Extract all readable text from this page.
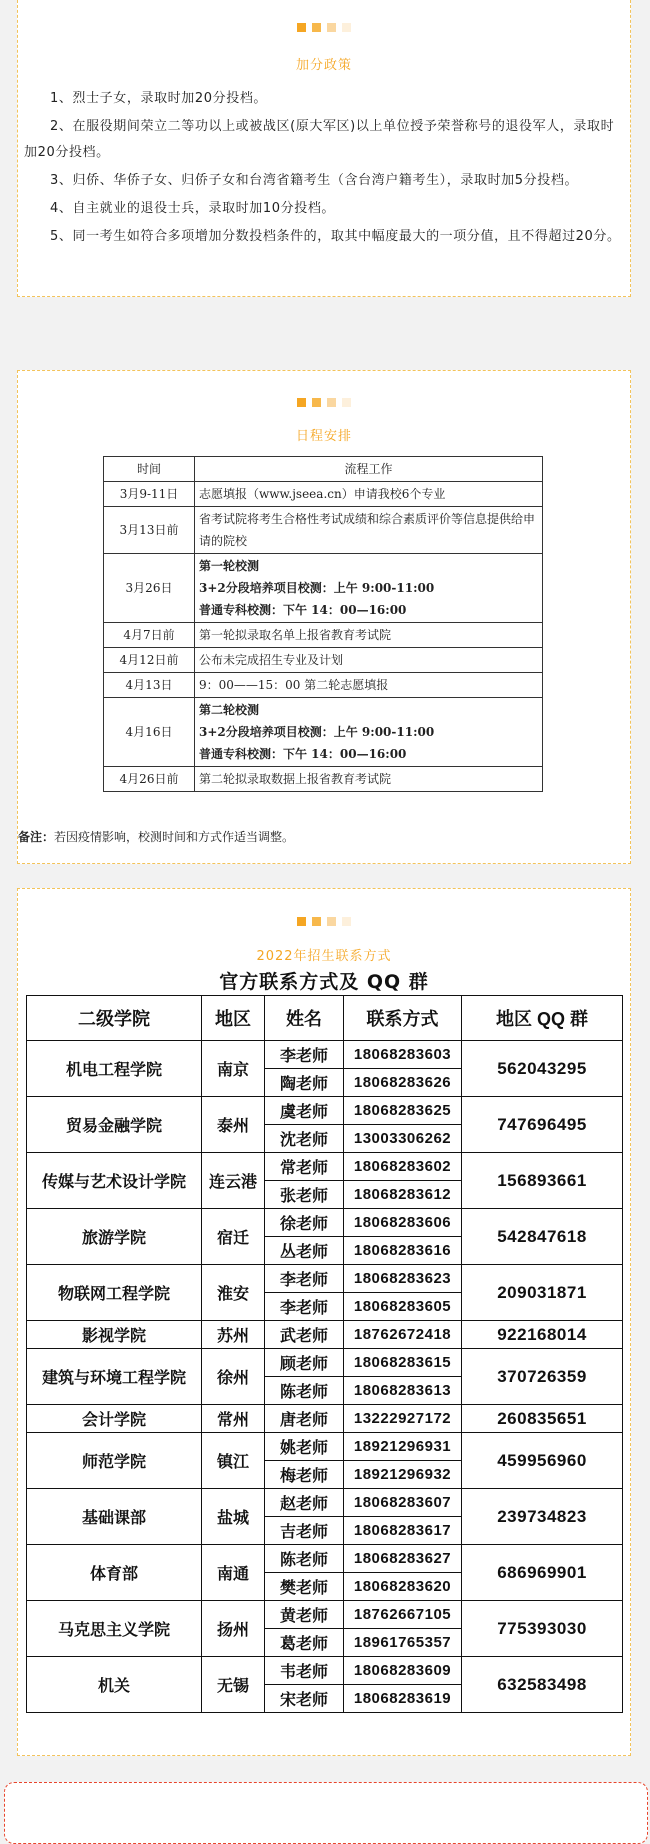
加分政策

1、烈士子女，录取时加20分投档。

2、在服役期间荣立二等功以上或被战区(原大军区)以上单位授予荣誉称号的退役军人，录取时加20分投档。

3、归侨、华侨子女、归侨子女和台湾省籍考生（含台湾户籍考生），录取时加5分投档。

4、自主就业的退役士兵，录取时加10分投档。

5、同一考生如符合多项增加分数投档条件的，取其中幅度最大的一项分值，且不得超过20分。

日程安排
时间	流程工作
3月9-11日	志愿填报（www.jseea.cn）申请我校6个专业

3月13日前	省考试院将考生合格性考试成绩和综合素质评价等信息提供给申请的院校

3月26日	第一轮校测
3+2分段培养项目校测：上午 9:00-11:00
普通专科校测：下午 14：00—16:00

4月7日前	第一轮拟录取名单上报省教育考试院

4月12日前	公布未完成招生专业及计划

4月13日	9：00——15：00 第二轮志愿填报

4月16日	第二轮校测
3+2分段培养项目校测：上午 9:00-11:00
普通专科校测：下午 14：00—16:00

4月26日前	第二轮拟录取数据上报省教育考试院
备注：若因疫情影响，校测时间和方式作适当调整。
2022年招生联系方式
官方联系方式及 QQ 群
二级学院	地区	姓名	联系方式	地区 QQ 群
机电工程学院	南京	李老师	18068283603	562043295
		陶老师	18068283626	
贸易金融学院	泰州	虞老师	18068283625	747696495
		沈老师	13003306262	
传媒与艺术设计学院	连云港	常老师	18068283602	156893661
		张老师	18068283612	
旅游学院	宿迁	徐老师	18068283606	542847618
		丛老师	18068283616	
物联网工程学院	淮安	李老师	18068283623	209031871
		李老师	18068283605	
影视学院	苏州	武老师	18762672418	922168014
建筑与环境工程学院	徐州	顾老师	18068283615	370726359
		陈老师	18068283613	
会计学院	常州	唐老师	13222927172	260835651
师范学院	镇江	姚老师	18921296931	459956960
		梅老师	18921296932	
基础课部	盐城	赵老师	18068283607	239734823
		吉老师	18068283617	
体育部	南通	陈老师	18068283627	686969901
		樊老师	18068283620	
马克思主义学院	扬州	黄老师	18762667105	775393030
		葛老师	18961765357	
机关	无锡	韦老师	18068283609	632583498
		宋老师	18068283619	
